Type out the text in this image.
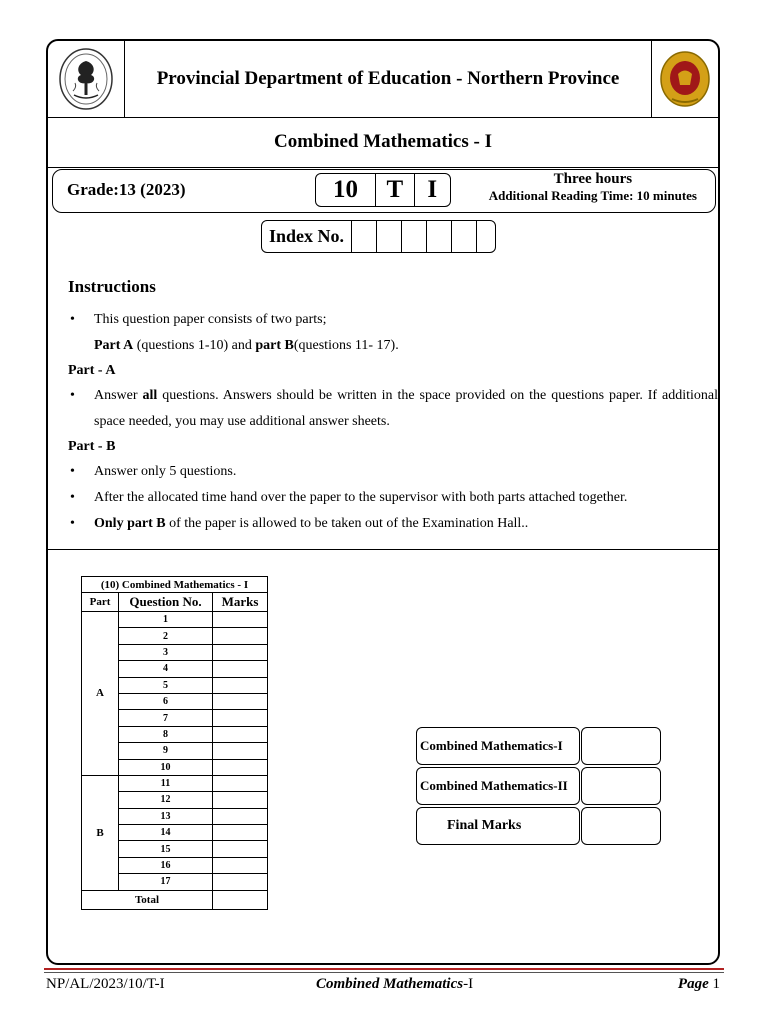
Provincial Department of Education - Northern Province
Combined Mathematics - I
Grade:13 (2023)	10	T I	Three hours
Additional Reading Time: 10 minutes
Index No.
Instructions
• This question paper consists of two parts;
Part A (questions 1-10) and part B(questions 11- 17).
Part - A
• Answer all questions. Answers should be written in the space provided on the questions paper. If additional space needed, you may use additional answer sheets.
Part - B
• Answer only 5 questions.
• After the allocated time hand over the paper to the supervisor with both parts attached together.
• Only part B of the paper is allowed to be taken out of the Examination Hall..
(10) Combined Mathematics - I		
Part	Question No.	Marks
A	1	
	2	
	3	
	4	
	5	
	6	
	7	
	8	
	9	
	10	
B	11	
	12	
	13	
	14	
	15	
	16	
	17	
Total		
Combined Mathematics-I
Combined Mathematics-II
Final Marks
NP/AL/2023/10/T-I	Combined Mathematics-I	Page 1
